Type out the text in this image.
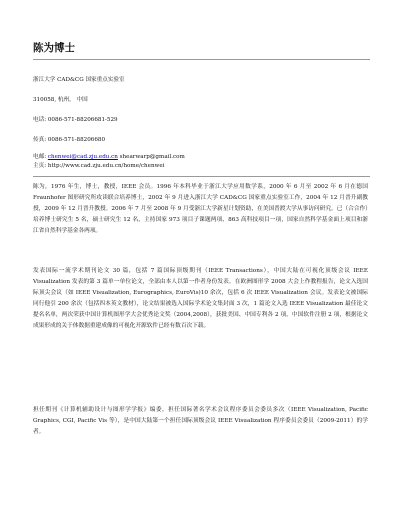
陈为博士
浙江大学 CAD&CG 国家重点实验室
310058, 杭州， 中国
电话: 0086-571-88206681-529
传真: 0086-571-88206680
电邮: chenwei@cad.zju.edu.cn shearwarp@gmail.com
主页: http://www.cad.zju.edu.cn/home/chenwei
陈为，1976 年生，博士，教授，IEEE 会员。1996 年本科毕业于浙江大学应用数学系，2000 年 6 月至 2002 年 6 月在德国 Fraunhofer 图形研究所攻读联合培养博士，2002 年 9 月进入浙江大学 CAD&CG 国家重点实验室工作，2004 年 12 月晋升副教授，2009 年 12 月晋升教授。2006 年 7 月至 2008 年 9 月受浙江大学新星计划资助，在美国普渡大学从事访问研究。已（合合作）培养博士研究生 5 名，硕士研究生 12 名，主持国家 973 项目子课题两项、863 高科技项目一项，国家自然科学基金面上项目和浙江省自然科学基金各两项。
发表国际一流学术期刊论文 30 篇，包括 7 篇国际顶级期刊（IEEE Transactions），中国大陆在可视化顶级会议 IEEE Visualization 发表的第 3 篇单一单位论文，全部由本人以第一作者身份发表。在欧洲图形学 2008 大会上作教程报告，论文入选国际顶尖会议（如 IEEE Visualization, Eurographics, EuroVis)10 余次，包括 6 次 IEEE Visualization 会议。发表论文被国际同行他引 200 余次（包括四本英文教材），论文结果被选入国际学术论文集封面 3 次，1 篇论文入选 IEEE Visualization 最佳论文提名名单，两次荣获中国计算机图形学大会优秀论文奖（2004,2008），获批美国、中国专利各 2 项，中国软件注册 2 项，根据论文成果形成的关于体数据重建成像的可视化开源软件已经有数百次下载。
担任期刊《计算机辅助设计与图形学学报》编委，担任国际著名学术会议程序委员会委员多次（IEEE Visualization, Pacific Graphics, CGI, Pacific Vis 等），是中国大陆第一个担任国际顶级会议 IEEE Visualization 程序委员会委员（2009-2011）的学者。
